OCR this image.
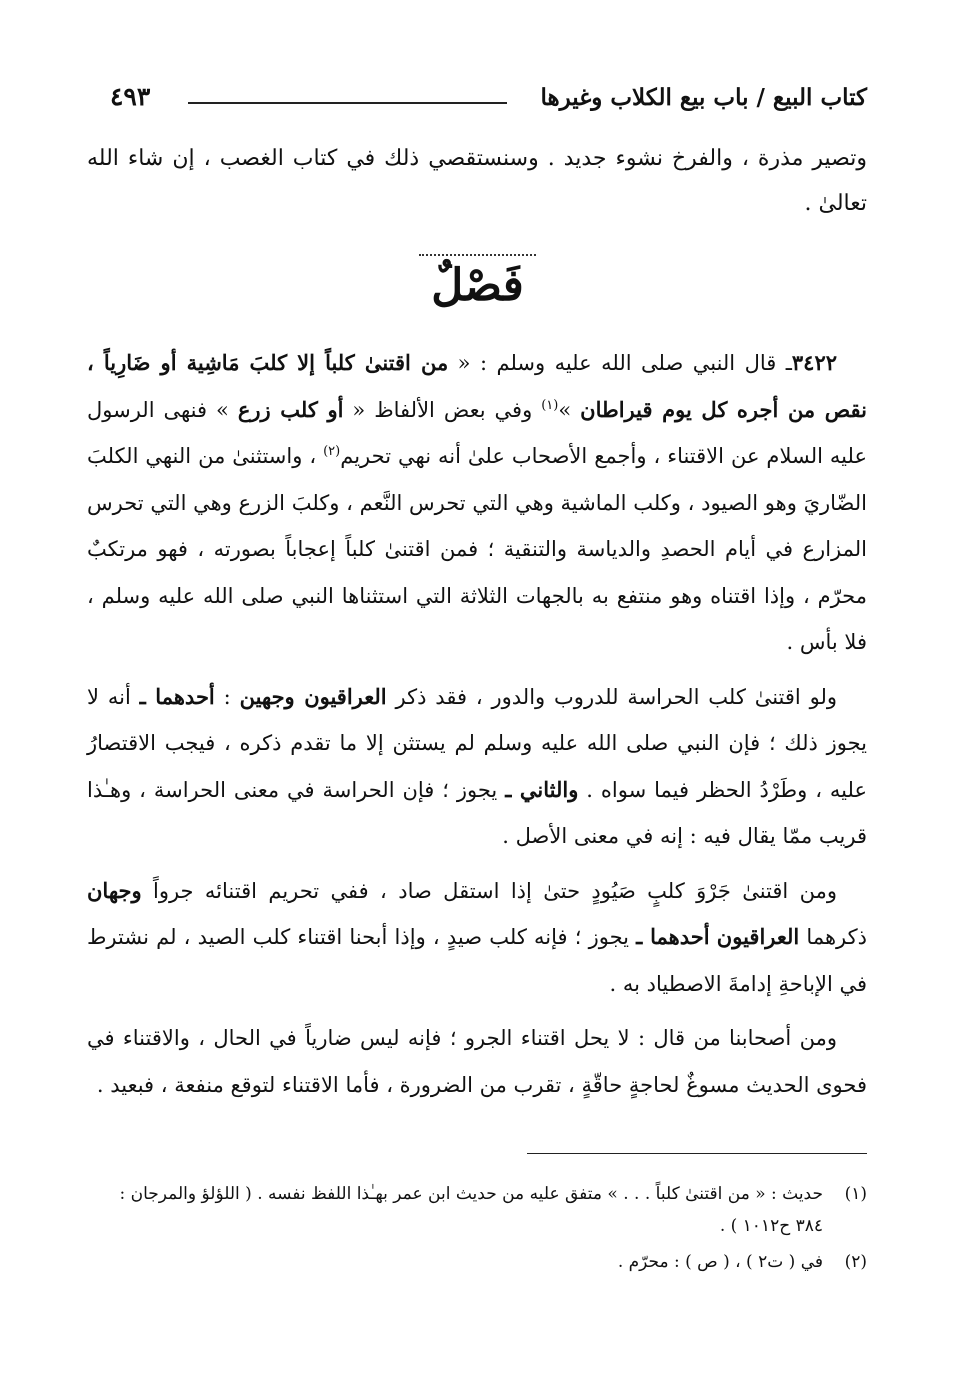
كتاب البيع / باب بيع الكلاب وغيرها
٤٩٣

وتصير مذرة ، والفرخ نشوء جديد . وسنستقصي ذلك في كتاب الغصب ، إن شاء الله تعالىٰ .

فَصْلٌ

٣٤٢٢ـ قال النبي صلى الله عليه وسلم : « من اقتنىٰ كلباً إلا كلبَ مَاشِية أو ضَارِياً ، نقص من أجره كل يوم قيراطان »$^{(١)}$ وفي بعض الألفاظ « أو كلب زرع » فنهى الرسول عليه السلام عن الاقتناء ، وأجمع الأصحاب علىٰ أنه نهي تحريم$^{(٢)}$ ، واستثنىٰ من النهي الكلبَ الضّاريَ وهو الصيود ، وكلب الماشية وهي التي تحرس النَّعم ، وكلبَ الزرع وهي التي تحرس المزارع في أيام الحصدِ والدياسة والتنقية ؛ فمن اقتنىٰ كلباً إعجاباً بصورته ، فهو مرتكبٌ محرّم ، وإذا اقتناه وهو منتفع به بالجهات الثلاثة التي استثناها النبي صلى الله عليه وسلم ، فلا بأس .

ولو اقتنىٰ كلب الحراسة للدروب والدور ، فقد ذكر العراقيون وجهين : أحدهما ـ أنه لا يجوز ذلك ؛ فإن النبي صلى الله عليه وسلم لم يستثن إلا ما تقدم ذكره ، فيجب الاقتصارُ عليه ، وطَرْدُ الحظر فيما سواه . والثاني ـ يجوز ؛ فإن الحراسة في معنى الحراسة ، وهـٰذا قريب ممّا يقال فيه : إنه في معنى الأصل .

ومن اقتنىٰ جَرْوَ كلبٍ صَيُودٍ حتىٰ إذا استقل صاد ، ففي تحريم اقتنائه جرواً وجهان ذكرهما العراقيون أحدهما ـ يجوز ؛ فإنه كلب صيدٍ ، وإذا أبحنا اقتناء كلب الصيد ، لم نشترط في الإباحةِ إدامةَ الاصطياد به .

ومن أصحابنا من قال : لا يحل اقتناء الجرو ؛ فإنه ليس ضارياً في الحال ، والاقتناء في فحوى الحديث مسوغٌ لحاجةٍ حاقّةٍ ، تقرب من الضرورة ، فأما الاقتناء لتوقع منفعة ، فبعيد .

(١)
حديث : « من اقتنىٰ كلباً . . . » متفق عليه من حديث ابن عمر بهـٰذا اللفظ نفسه . ( اللؤلؤ والمرجان : ٣٨٤ ح١٠١٢ ) .
(٢)
في ( ت٢ ) ، ( ص ) : محرّم .
